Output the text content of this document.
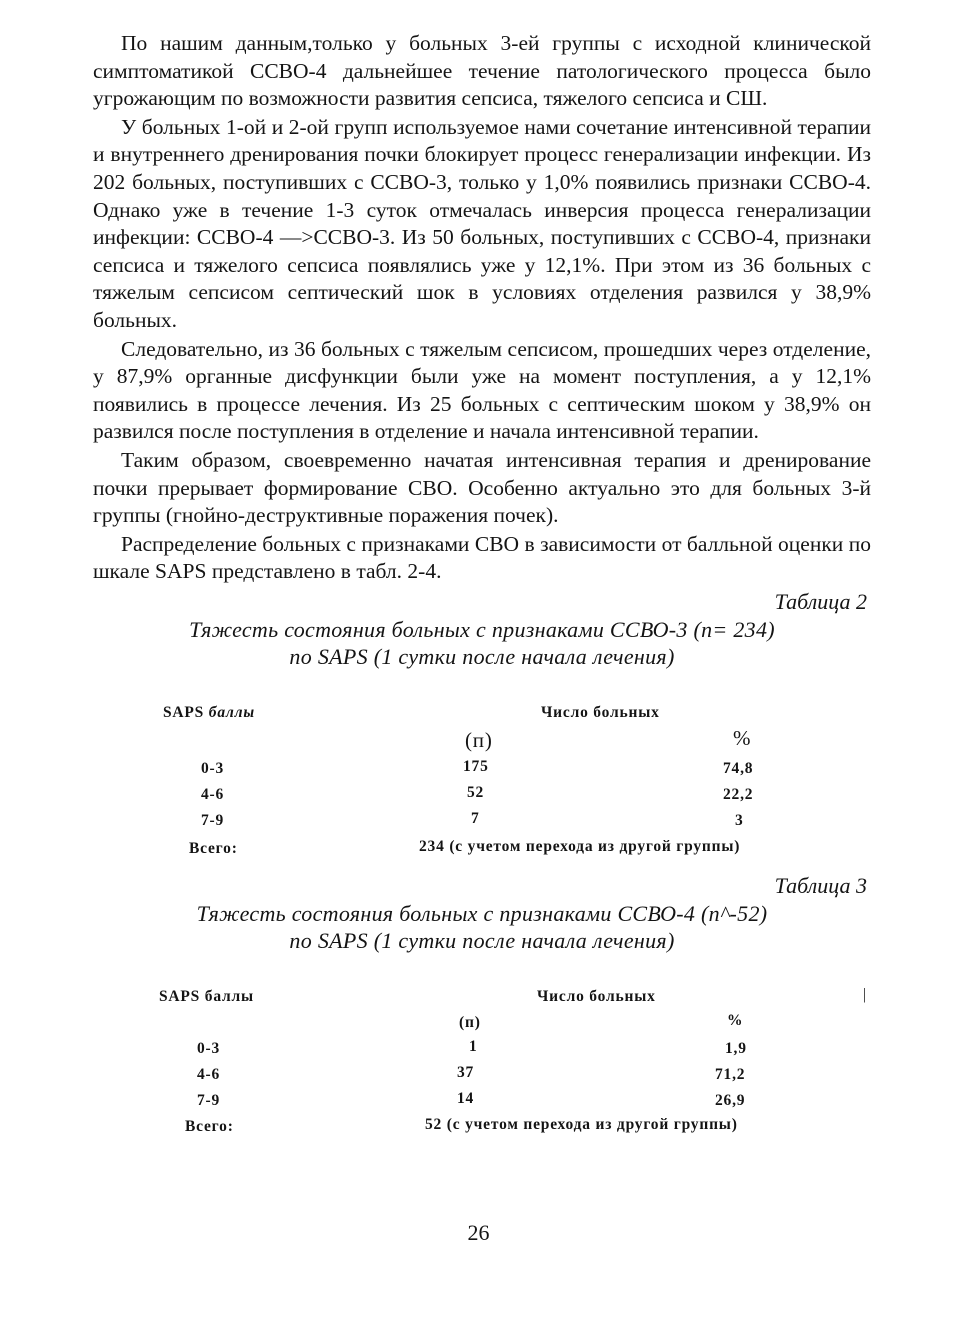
По нашим данным,только у больных 3-ей группы с исходной клинической симптоматикой ССВО-4 дальнейшее течение патологического процесса было угрожающим по возможности развития сепсиса, тяжелого сепсиса и СШ.

У больных 1-ой и 2-ой групп используемое нами сочетание интенсивной терапии и внутреннего дренирования почки блокирует процесс генерализации инфекции. Из 202 больных, поступивших с ССВО-3, только у 1,0% появились признаки ССВО-4. Однако уже в течение 1-3 суток отмечалась инверсия процесса генерализации инфекции: ССВО-4 —>ССВО-3. Из 50 больных, поступивших с ССВО-4, признаки сепсиса и тяжелого сепсиса появлялись уже у 12,1%. При этом из 36 больных с тяжелым сепсисом септический шок в условиях отделения развился у 38,9% больных.

Следовательно, из 36 больных с тяжелым сепсисом, прошедших через отделение, у 87,9% органные дисфункции были уже на момент поступления, а у 12,1% появились в процессе лечения. Из 25 больных с септическим шоком у 38,9% он развился после поступления в отделение и начала интенсивной терапии.

Таким образом, своевременно начатая интенсивная терапия и дренирование почки прерывает формирование СВО. Особенно актуально это для больных 3-й группы (гнойно-деструктивные поражения почек).

Распределение больных с признаками СВО в зависимости от балльной оценки по шкале SAPS представлено в табл. 2-4.

Таблица 2
Тяжесть состояния больных с признаками ССВО-3 (n= 234)
по SAPS (1 сутки после начала лечения)
SAPS баллы	Число больных
(п)	%
0-3	175	74,8
4-6	52	22,2
7-9	7	3
Всего:	234 (с учетом перехода из другой группы)
Таблица 3
Тяжесть состояния больных с признаками ССВО-4 (n^-52)
по SAPS (1 сутки после начала лечения)
SAPS баллы	Число больных	|
(п)	%
0-3	1	1,9
4-6	37	71,2
7-9	14	26,9
Всего:	52 (с учетом перехода из другой группы)
26
